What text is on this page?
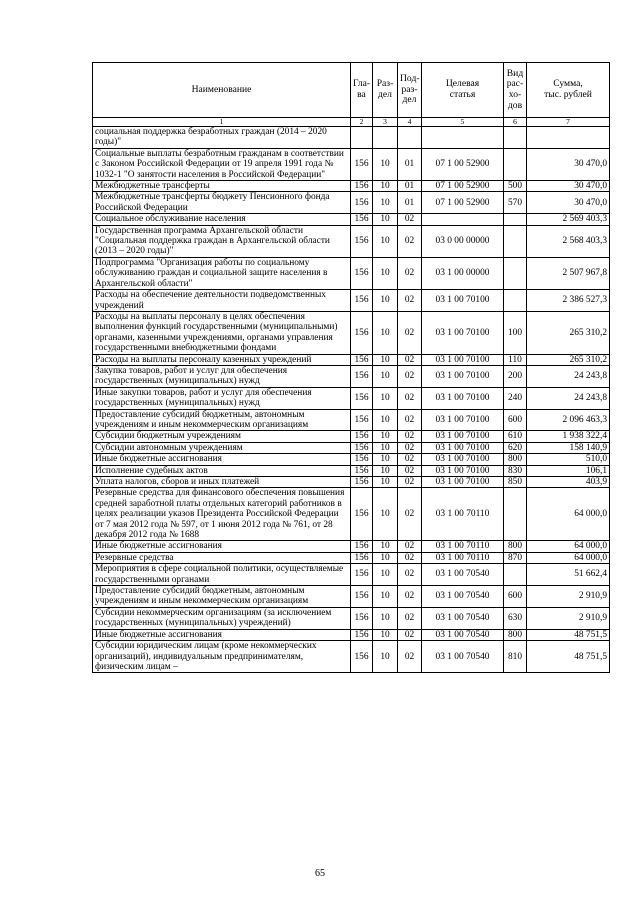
Наименование	Гла-
ва	Раз-
дел	Под-
раз-
дел	Целевая
статья	Вид
рас-
хо-
дов	Сумма,
тыс. рублей
1	2	3	4	5	6	7
социальная поддержка безработных граждан (2014 – 2020 годы)"						
Социальные выплаты безработным гражданам в соответствии с Законом Российской Федерации от 19 апреля 1991 года № 1032-1 "О занятости населения в Российской Федерации"	156	10	01	07 1 00 52900		30 470,0
Межбюджетные трансферты	156	10	01	07 1 00 52900	500	30 470,0
Межбюджетные трансферты бюджету Пенсионного фонда Российской Федерации	156	10	01	07 1 00 52900	570	30 470,0
Социальное обслуживание населения	156	10	02			2 569 403,3
Государственная программа Архангельской области "Социальная поддержка граждан в Архангельской области (2013 – 2020 годы)"	156	10	02	03 0 00 00000		2 568 403,3
Подпрограмма "Организация работы по социальному обслуживанию граждан и социальной защите населения в Архангельской области"	156	10	02	03 1 00 00000		2 507 967,8
Расходы на обеспечение деятельности подведомственных учреждений	156	10	02	03 1 00 70100		2 386 527,3
Расходы на выплаты персоналу в целях обеспечения выполнения функций государственными (муниципальными) органами, казенными учреждениями, органами управления государственными внебюджетными фондами	156	10	02	03 1 00 70100	100	265 310,2
Расходы на выплаты персоналу казенных учреждений	156	10	02	03 1 00 70100	110	265 310,2
Закупка товаров, работ и услуг для обеспечения государственных (муниципальных) нужд	156	10	02	03 1 00 70100	200	24 243,8
Иные закупки товаров, работ и услуг для обеспечения государственных (муниципальных) нужд	156	10	02	03 1 00 70100	240	24 243,8
Предоставление субсидий бюджетным, автономным учреждениям и иным некоммерческим организациям	156	10	02	03 1 00 70100	600	2 096 463,3
Субсидии бюджетным учреждениям	156	10	02	03 1 00 70100	610	1 938 322,4
Субсидии автономным учреждениям	156	10	02	03 1 00 70100	620	158 140,9
Иные бюджетные ассигнования	156	10	02	03 1 00 70100	800	510,0
Исполнение судебных актов	156	10	02	03 1 00 70100	830	106,1
Уплата налогов, сборов и иных платежей	156	10	02	03 1 00 70100	850	403,9
Резервные средства для финансового обеспечения повышения средней заработной платы отдельных категорий работников в целях реализации указов Президента Российской Федерации от 7 мая 2012 года № 597, от 1 июня 2012 года № 761, от 28 декабря 2012 года № 1688	156	10	02	03 1 00 70110		64 000,0
Иные бюджетные ассигнования	156	10	02	03 1 00 70110	800	64 000,0
Резервные средства	156	10	02	03 1 00 70110	870	64 000,0
Мероприятия в сфере социальной политики, осуществляемые государственными органами	156	10	02	03 1 00 70540		51 662,4
Предоставление субсидий бюджетным, автономным учреждениям и иным некоммерческим организациям	156	10	02	03 1 00 70540	600	2 910,9
Субсидии некоммерческим организациям (за исключением государственных (муниципальных) учреждений)	156	10	02	03 1 00 70540	630	2 910,9
Иные бюджетные ассигнования	156	10	02	03 1 00 70540	800	48 751,5
Субсидии юридическим лицам (кроме некоммерческих организаций), индивидуальным предпринимателям, физическим лицам –	156	10	02	03 1 00 70540	810	48 751,5
65
